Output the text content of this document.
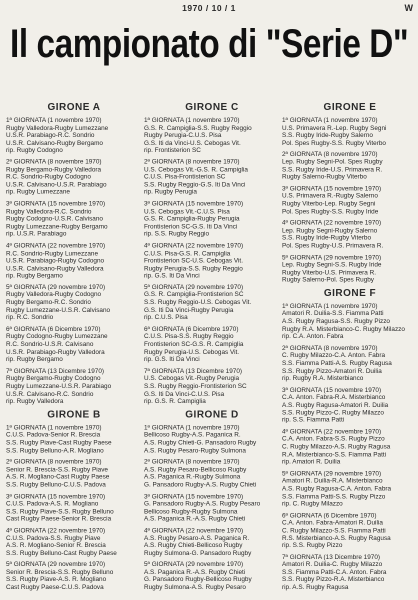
1970 / 10 / 1	W
Il campionato di "Serie D"
GIRONE A
1ª GIORNATA (1 novembre 1970)
Rugby Valledora-Rugby Lumezzane
U.S.R. Parabiago-R.C. Sondrio
U.S.R. Calvisano-Rugby Bergamo
rip. Rugby Codogno
2ª GIORNATA (8 novembre 1970)
Rugby Bergamo-Rugby Valledora
R.C. Sondrio-Rugby Codogno
U.S.R. Calvisano-U.S.R. Parabiago
rip. Rugby Lumezzane
3ª GIORNATA (15 novembre 1970)
Rugby Valledora-R.C. Sondrio
Rugby Codogno-U.S.R. Calvisano
Rugby Lumezzane-Rugby Bergamo
rip. U.S.R. Parabiago
4ª GIORNATA (22 novembre 1970)
R.C. Sondrio-Rugby Lumezzane
U.S.R. Parabiago-Rugby Codogno
U.S.R. Calvisano-Rugby Valledora
rip. Rugby Bergamo
5ª GIORNATA (29 novembre 1970)
Rugby Valledora-Rugby Codogno
Rugby Bergamo-R.C. Sondrio
Rugby Lumezzane-U.S.R. Calvisano
rip. R.C. Sondrio
6ª GIORNATA (6 Dicembre 1970)
Rugby Codogno-Rugby Lumezzane
R.C. Sondrio-U.S.R. Calvisano
U.S.R. Parabiago-Rugby Valledora
rip. Rugby Bergamo
7ª GIORNATA (13 Dicembre 1970)
Rugby Bergamo-Rugby Codogno
Rugby Lumezzane-U.S.R. Parabiago
U.S.R. Calvisano-R.C. Sondrio
rip. Rugby Valledora
GIRONE B
1ª GIORNATA (1 novembre 1970)
C.U.S. Padova-Senior R. Brescia
S.S. Rugby Piave-Cast Rugby Paese
S.S. Rugby Belluno-A.R. Mogliano
2ª GIORNATA (8 novembre 1970)
Senior R. Brescia-S.S. Rugby Piave
A.S. R. Mogliano-Cast Rugby Paese
S.S. Rugby Belluno-C.U.S. Padova
3ª GIORNATA (15 novembre 1970)
C.U.S. Padova-A.S. R. Mogliano
S.S. Rugby Piave-S.S. Rugby Belluno
Cast Rugby Paese-Senior R. Brescia
4ª GIORNATA (22 novembre 1970)
C.U.S. Padova-S.S. Rugby Piave
A.S. R. Mogliano-Senior R. Brescia
S.S. Rugby Belluno-Cast Rugby Paese
5ª GIORNATA (29 novembre 1970)
Senior R. Brescia-S.S. Rugby Belluno
S.S. Rugby Piave-A.S. R. Mogliano
Cast Rugby Paese-C.U.S. Padova
GIRONE C
1ª GIORNATA (1 novembre 1970)
G.S. R. Campiglia-S.S. Rugby Reggio
Rugby Perugia-C.U.S. Pisa
G.S. Iti da Vinci-U.S. Cebogas Vit.
rip. Frontisterion SC
2ª GIORNATA (8 novembre 1970)
U.S. Cebogas Vit.-G.S. R. Campiglia
C.U.S. Pisa-Frontisterion SC
S.S. Rugby Reggio-G.S. Iti Da Vinci
rip. Rugby Perugia
3ª GIORNATA (15 novembre 1970)
U.S. Cebogas Vit.-C.U.S. Pisa
G.S. R. Campiglia-Rugby Perugia
Frontisterion SC-G.S. Iti Da Vinci
rip. S.S. Rugby Reggio
4ª GIORNATA (22 novembre 1970)
C.U.S. Pisa-G.S. R. Campiglia
Frontisterion SC-U.S. Cebogas Vit.
Rugby Perugia-S.S. Rugby Reggio
rip. G.S. Iti Da Vinci
5ª GIORNATA (29 novembre 1970)
G.S. R. Campiglia-Frontisterion SC
S.S. Rugby Reggio-U.S. Cebogas Vit.
G.S. Iti Da Vinci-Rugby Perugia
rip. C.U.S. Pisa
6ª GIORNATA (6 Dicembre 1970)
C.U.S. Pisa-S.S. Rugby Reggio
Frontisterion SC-G.S. R. Campiglia
Rugby Perugia-U.S. Cebogas Vit.
rip. G.S. Iti Da Vinci
7ª GIORNATA (13 Dicembre 1970)
U.S. Cebogas Vit.-Rugby Perugia
S.S. Rugby Reggio-Frontisterion SC
G.S. Iti Da Vinci-C.U.S. Pisa
rip. G.S. R. Campiglia
GIRONE D
1ª GIORNATA (1 novembre 1970)
Bellicoso Rugby-A.S. Paganica R.
A.S. Rugby Chieti-G. Pansadoro Rugby
A.S. Rugby Pesaro-Rugby Sulmona
2ª GIORNATA (8 novembre 1970)
A.S. Rugby Pesaro-Bellicoso Rugby
A.S. Paganica R.-Rugby Sulmona
G. Pansadoro Rugby-A.S. Rugby Chieti
3ª GIORNATA (15 novembre 1970)
G. Pansadoro Rugby-A.S. Rugby Pesaro
Bellicoso Rugby-Rugby Sulmona
A.S. Paganica R.-A.S. Rugby Chieti
4ª GIORNATA (22 novembre 1970)
A.S. Rugby Pesaro-A.S. Paganica R.
A.S. Rugby Chieti-Bellicoso Rugby
Rugby Sulmona-G. Pansadoro Rugby
5ª GIORNATA (29 novembre 1970)
A.S. Paganica R.-A.S. Rugby Chieti
G. Pansadoro Rugby-Bellicoso Rugby
Rugby Sulmona-A.S. Rugby Pesaro
GIRONE E
1ª GIORNATA (1 novembre 1970)
U.S. Primavera R.-Lep. Rugby Segni
S.S. Rugby Iride-Rugby Salerno
Pol. Spes Rugby-S.S. Rugby Viterbo
2ª GIORNATA (8 novembre 1970)
Lep. Rugby Segni-Pol. Spes Rugby
S.S. Rugby Iride-U.S. Primavera R.
Rugby Salerno-Rugby Viterbo
3ª GIORNATA (15 novembre 1970)
U.S. Primavera R.-Rugby Salerno
Rugby Viterbo-Lep. Rugby Segni
Pol. Spes Rugby-S.S. Rugby Iride
4ª GIORNATA (22 novembre 1970)
Lep. Rugby Segni-Rugby Salerno
S.S. Rugby Iride-Rugby Viterbo
Pol. Spes Rugby-U.S. Primavera R.
5ª GIORNATA (29 novembre 1970)
Lep. Rugby Segni-S.S. Rugby Iride
Rugby Viterbo-U.S. Primavera R.
Rugby Salerno-Pol. Spes Rugby
GIRONE F
1ª GIORNATA (1 novembre 1970)
Amatori R. Duilia-S.S. Fiamma Patti
A.S. Rugby Ragusa-S.S. Rugby Pizzo
Rugby R.A. Misterbianco-C. Rugby Milazzo
rip. C.A. Anton. Fabra
2ª GIORNATA (8 novembre 1970)
C. Rugby Milazzo-C.A. Anton. Fabra
S.S. Fiamma Patti-A.S. Rugby Ragusa
S.S. Rugby Pizzo-Amatori R. Duilia
rip. Rugby R.A. Misterbianco
3ª GIORNATA (15 novembre 1970)
C.A. Anton. Fabra-R.A. Misterbianco
A.S. Rugby Ragusa-Amatori R. Duilia
S.S. Rugby Pizzo-C. Rugby Milazzo
rip. S.S. Fiamma Patti
4ª GIORNATA (22 novembre 1970)
C.A. Anton. Fabra-S.S. Rugby Pizzo
C. Rugby Milazzo-A.S. Rugby Ragusa
R.A. Misterbianco-S.S. Fiamma Patti
rip. Amatori R. Duilia
5ª GIORNATA (29 novembre 1970)
Amatori R. Duilia-R.A. Misterbianco
A.S. Rugby Ragusa-C.A. Anton. Fabra
S.S. Fiamma Patti-S.S. Rugby Pizzo
rip. C. Rugby Milazzo
6ª GIORNATA (6 Dicembre 1970)
C.A. Anton. Fabra-Amatori R. Duilia
C. Rugby Milazzo-S.S. Fiamma Patti
R.S. Misterbianco-A.S. Rugby Ragusa
rip. S.S. Rugby Pizzo
7ª GIORNATA (13 Dicembre 1970)
Amatori R. Duilia-C. Rugby Milazzo
S.S. Fiamma Patti-C.A. Anton. Fabra
S.S. Rugby Pizzo-R.A. Misterbianco
rip. A.S. Rugby Ragusa
